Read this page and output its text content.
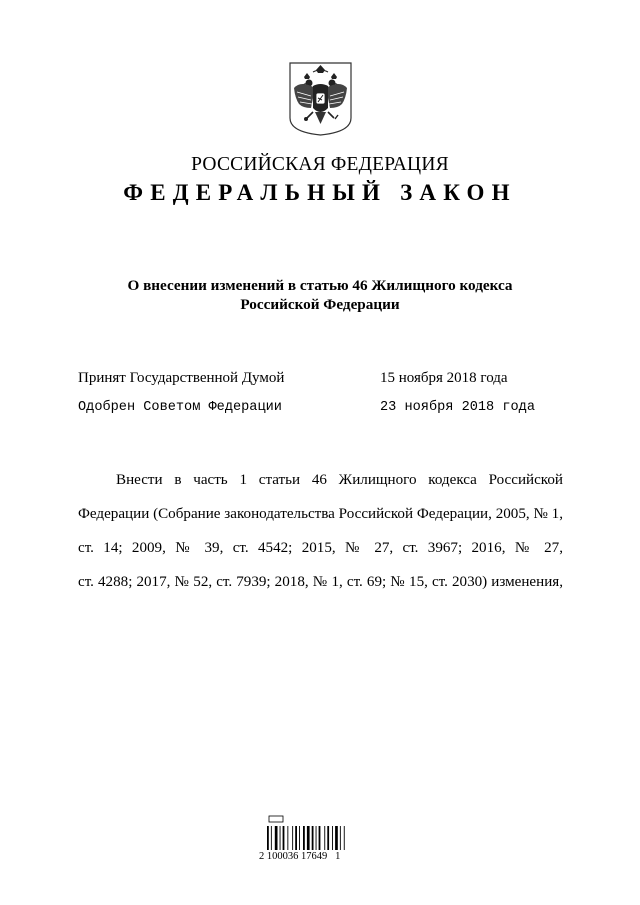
РОССИЙСКАЯ ФЕДЕРАЦИЯ
ФЕДЕРАЛЬНЫЙ ЗАКОН
О внесении изменений в статью 46 Жилищного кодекса
Российской Федерации
Принят Государственной Думой	15 ноября 2018 года
Одобрен Советом Федерации	23 ноября 2018 года
Внести в часть 1 статьи 46 Жилищного кодекса Российской
Федерации (Собрание законодательства Российской Федерации, 2005, № 1,
ст. 14; 2009, № 39, ст. 4542; 2015, № 27, ст. 3967; 2016, № 27,
ст. 4288; 2017, № 52, ст. 7939; 2018, № 1, ст. 69; № 15, ст. 2030) изменения,
2 100036 17649   1
